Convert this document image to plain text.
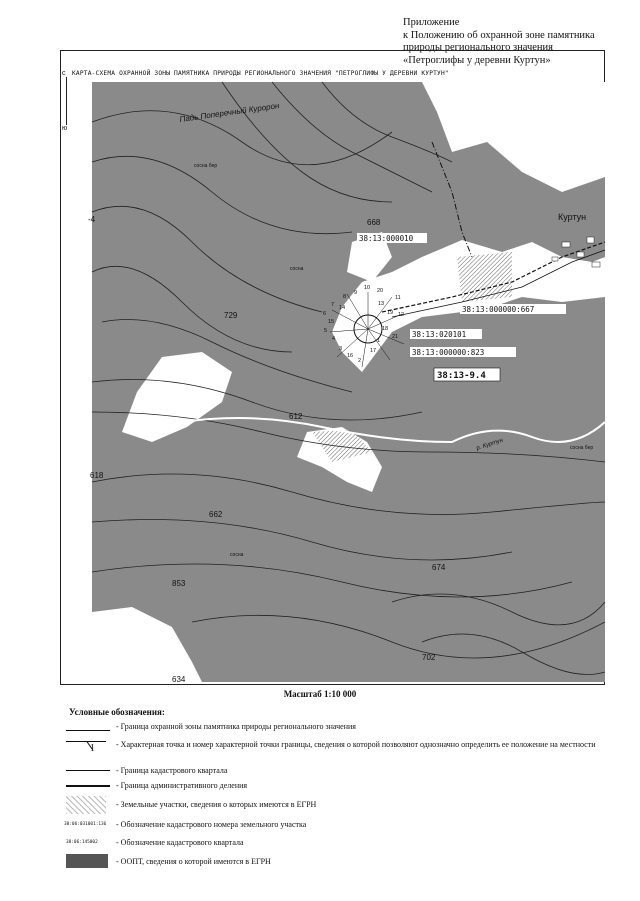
Приложение
к Положению об охранной зоне памятника
природы регионального значения
«Петроглифы у деревни Куртун»
КАРТА-СХЕМА ОХРАННОЙ ЗОНЫ ПАМЯТНИКА ПРИРОДЫ РЕГИОНАЛЬНОГО ЗНАЧЕНИЯ "ПЕТРОГЛИФЫ У ДЕРЕВНИ КУРТУН"
с
ю
20
11
13
19 12
18
21
1
17
2
16
3
4
5
15
6
7 14
8
9
10
Падь Поперечный Куророн
Куртун
р. Куртун
668
729
612
618
662
853
674
702
634
-4
сосна бер
сосна
сосна
сосна бер
38:13:000010
38:13:000000:667
38:13:020101
38:13:000000:823
38:13-9.4
Масштаб 1:10 000
Условные обозначения:
- Граница охранной зоны памятника природы регионального значения
1	- Характерная точка и номер характерной точки границы, сведения о которой позволяют однозначно определить ее положение на местности
- Граница кадастрового квартала
- Граница административного деления
- Земельные участки, сведения о которых имеются в ЕГРН
38:06:031001:136 - Обозначение кадастрового номера земельного участка
38:06:145002 - Обозначение кадастрового квартала
- ООПТ, сведения о которой имеются в ЕГРН
